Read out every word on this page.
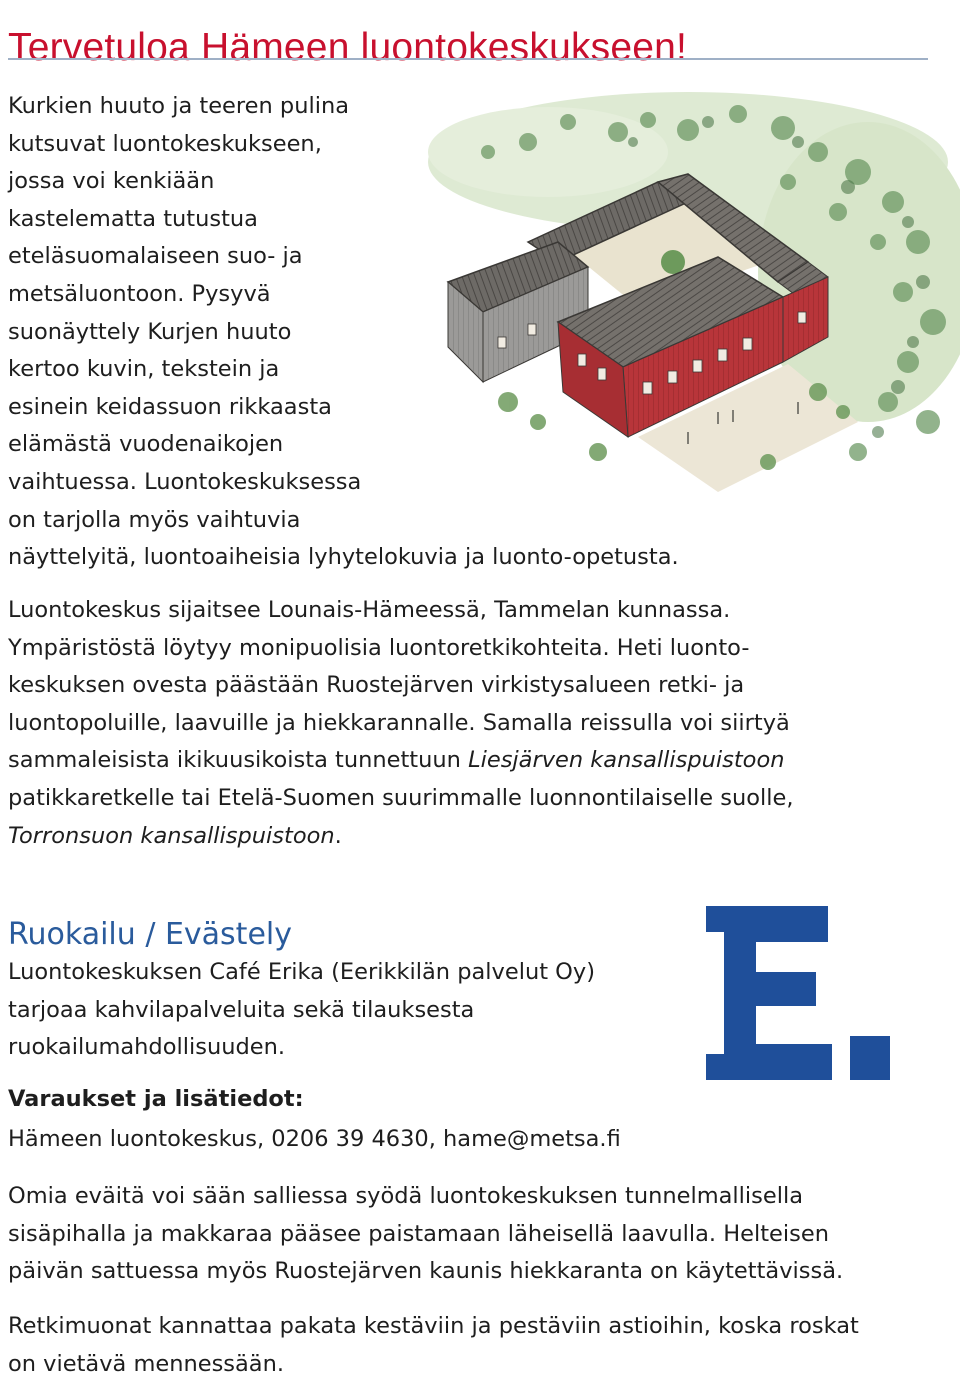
Tervetuloa Hämeen luontokeskukseen!

Kurkien huuto ja teeren pulina
kutsuvat luontokeskukseen,
jossa voi kenkiään
kastelematta tutustua
eteläsuomalaiseen suo- ja
metsäluontoon. Pysyvä
suonäyttely Kurjen huuto
kertoo kuvin, tekstein ja
esinein keidassuon rikkaasta
elämästä vuodenaikojen
vaihtuessa. Luontokeskuksessa
on tarjolla myös vaihtuvia
näyttelyitä, luontoaiheisia lyhytelokuvia ja luonto-opetusta.

Luontokeskus sijaitsee Lounais-Hämeessä, Tammelan kunnassa.
Ympäristöstä löytyy monipuolisia luontoretkikohteita. Heti luonto-
keskuksen ovesta päästään Ruostejärven virkistysalueen retki- ja
luontopoluille, laavuille ja hiekkarannalle. Samalla reissulla voi siirtyä
sammaleisista ikikuusikoista tunnettuun Liesjärven kansallispuistoon
patikkaretkelle tai Etelä-Suomen suurimmalle luonnontilaiselle suolle,
Torronsuon kansallispuistoon.

Ruokailu / Evästely

Luontokeskuksen Café Erika (Eerikkilän palvelut Oy)
tarjoaa kahvilapalveluita sekä tilauksesta
ruokailumahdollisuuden.

Varaukset ja lisätiedot:

Hämeen luontokeskus, 0206 39 4630, hame@metsa.fi

Omia eväitä voi sään salliessa syödä luontokeskuksen tunnelmallisella
sisäpihalla ja makkaraa pääsee paistamaan läheisellä laavulla. Helteisen
päivän sattuessa myös Ruostejärven kaunis hiekkaranta on käytettävissä.

Retkimuonat kannattaa pakata kestäviin ja pestäviin astioihin, koska roskat
on vietävä mennessään.
